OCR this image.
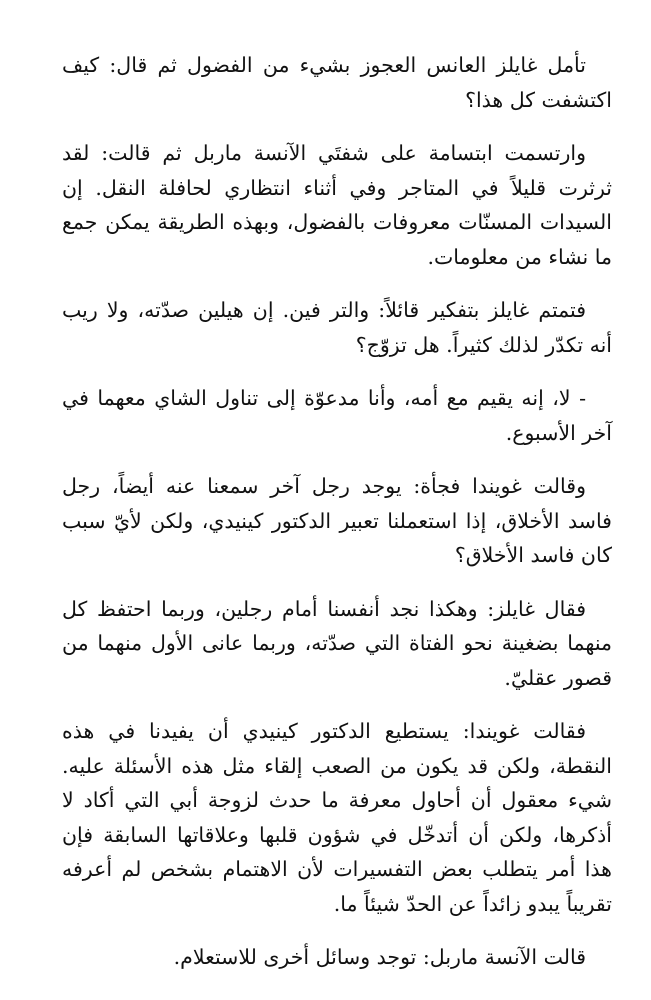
تأمل غايلز العانس العجوز بشيء من الفضول ثم قال: كيف اكتشفت كل هذا؟

وارتسمت ابتسامة على شفتَي الآنسة ماربل ثم قالت: لقد ثرثرت قليلاً في المتاجر وفي أثناء انتظاري لحافلة النقل. إن السيدات المسنّات معروفات بالفضول، وبهذه الطريقة يمكن جمع ما نشاء من معلومات.

فتمتم غايلز بتفكير قائلاً: والتر فين. إن هيلين صدّته، ولا ريب أنه تكدّر لذلك كثيراً. هل تزوّج؟

- لا، إنه يقيم مع أمه، وأنا مدعوّة إلى تناول الشاي معهما في آخر الأسبوع.

وقالت غويندا فجأة: يوجد رجل آخر سمعنا عنه أيضاً، رجل فاسد الأخلاق، إذا استعملنا تعبير الدكتور كينيدي، ولكن لأيّ سبب كان فاسد الأخلاق؟

فقال غايلز: وهكذا نجد أنفسنا أمام رجلين، وربما احتفظ كل منهما بضغينة نحو الفتاة التي صدّته، وربما عانى الأول منهما من قصور عقليّ.

فقالت غويندا: يستطيع الدكتور كينيدي أن يفيدنا في هذه النقطة، ولكن قد يكون من الصعب إلقاء مثل هذه الأسئلة عليه. شيء معقول أن أحاول معرفة ما حدث لزوجة أبي التي أكاد لا أذكرها، ولكن أن أتدخّل في شؤون قلبها وعلاقاتها السابقة فإن هذا أمر يتطلب بعض التفسيرات لأن الاهتمام بشخص لم أعرفه تقريباً يبدو زائداً عن الحدّ شيئاً ما.

قالت الآنسة ماربل: توجد وسائل أخرى للاستعلام.
